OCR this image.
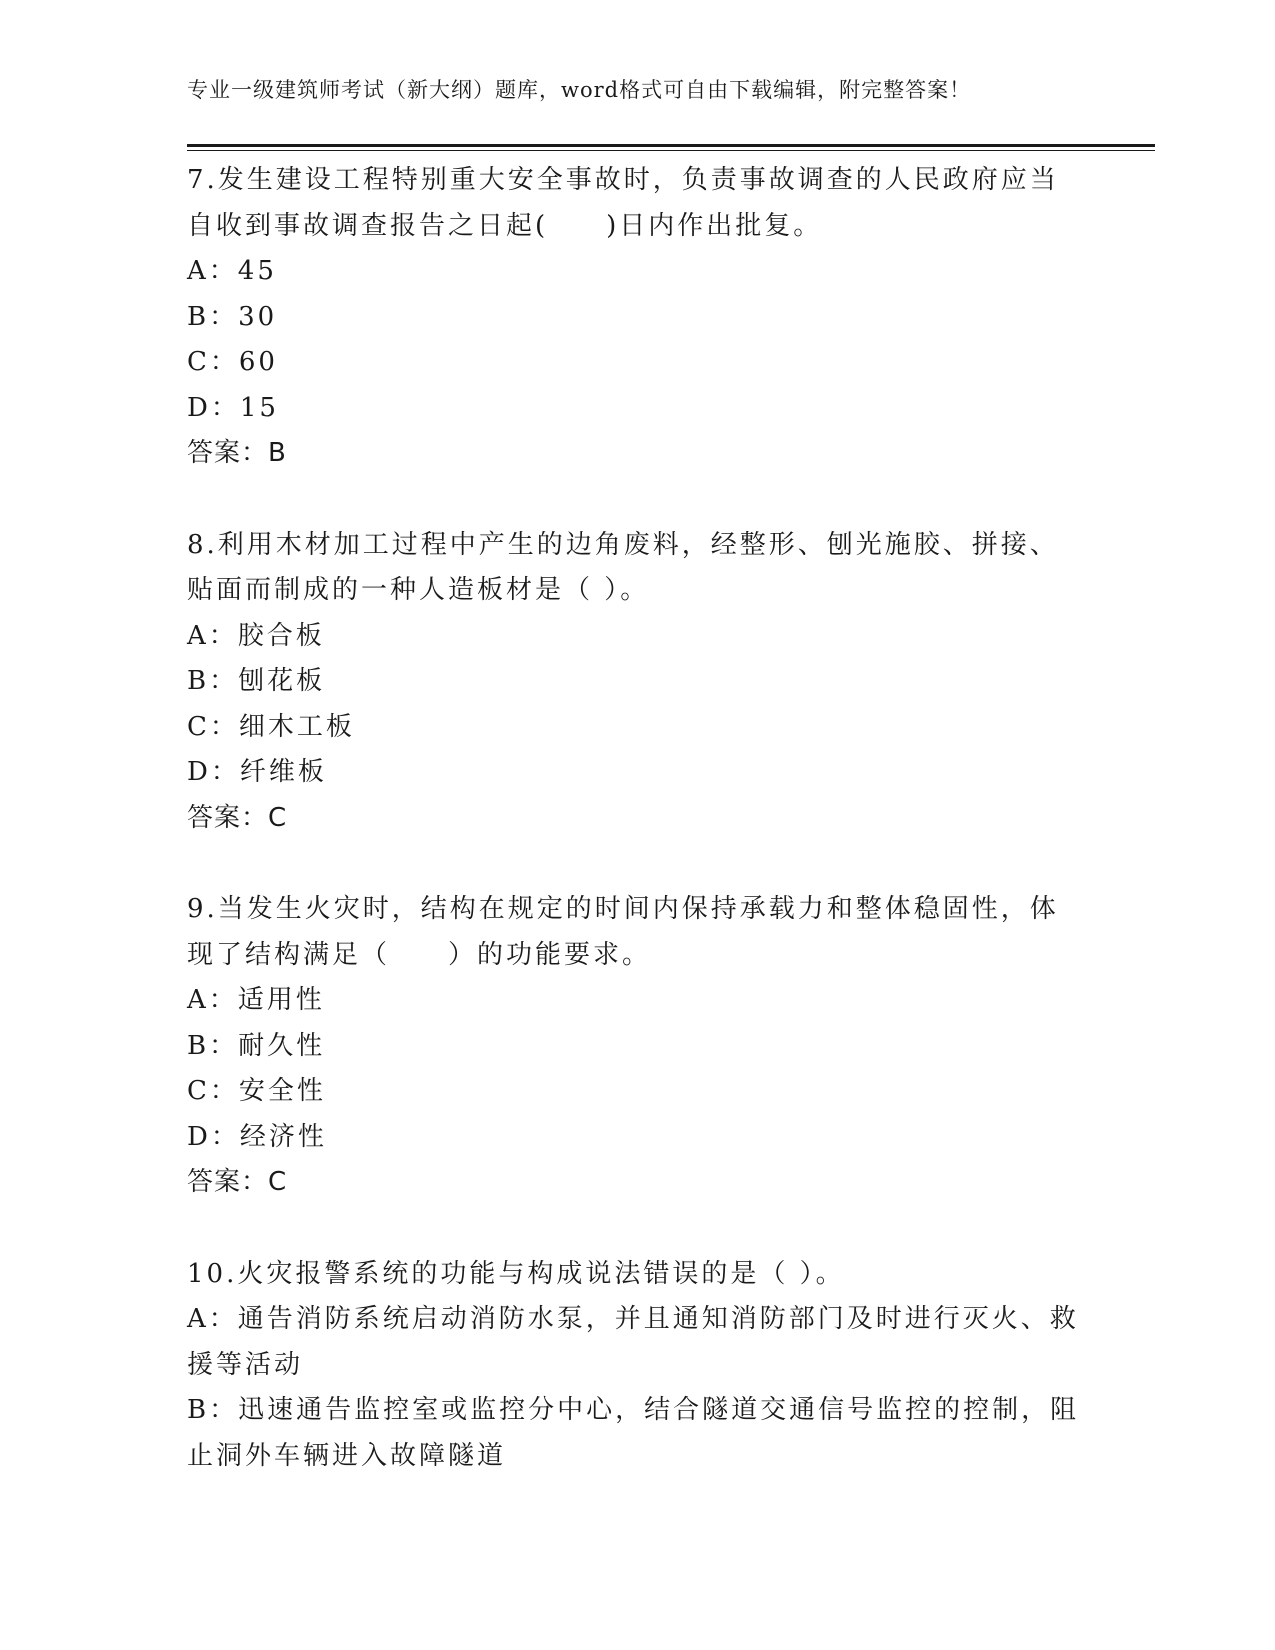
专业一级建筑师考试（新大纲）题库，word格式可自由下载编辑，附完整答案！
7.发生建设工程特别重大安全事故时，负责事故调查的人民政府应当
自收到事故调查报告之日起(　　)日内作出批复。
A：45
B：30
C：60
D：15
答案：B
8.利用木材加工过程中产生的边角废料，经整形、刨光施胶、拼接、
贴面而制成的一种人造板材是（ ）。
A：胶合板
B：刨花板
C：细木工板
D：纤维板
答案：C
9.当发生火灾时，结构在规定的时间内保持承载力和整体稳固性，体
现了结构满足（　　）的功能要求。
A：适用性
B：耐久性
C：安全性
D：经济性
答案：C
10.火灾报警系统的功能与构成说法错误的是（ ）。
A：通告消防系统启动消防水泵，并且通知消防部门及时进行灭火、救
援等活动
B：迅速通告监控室或监控分中心，结合隧道交通信号监控的控制，阻
止洞外车辆进入故障隧道
